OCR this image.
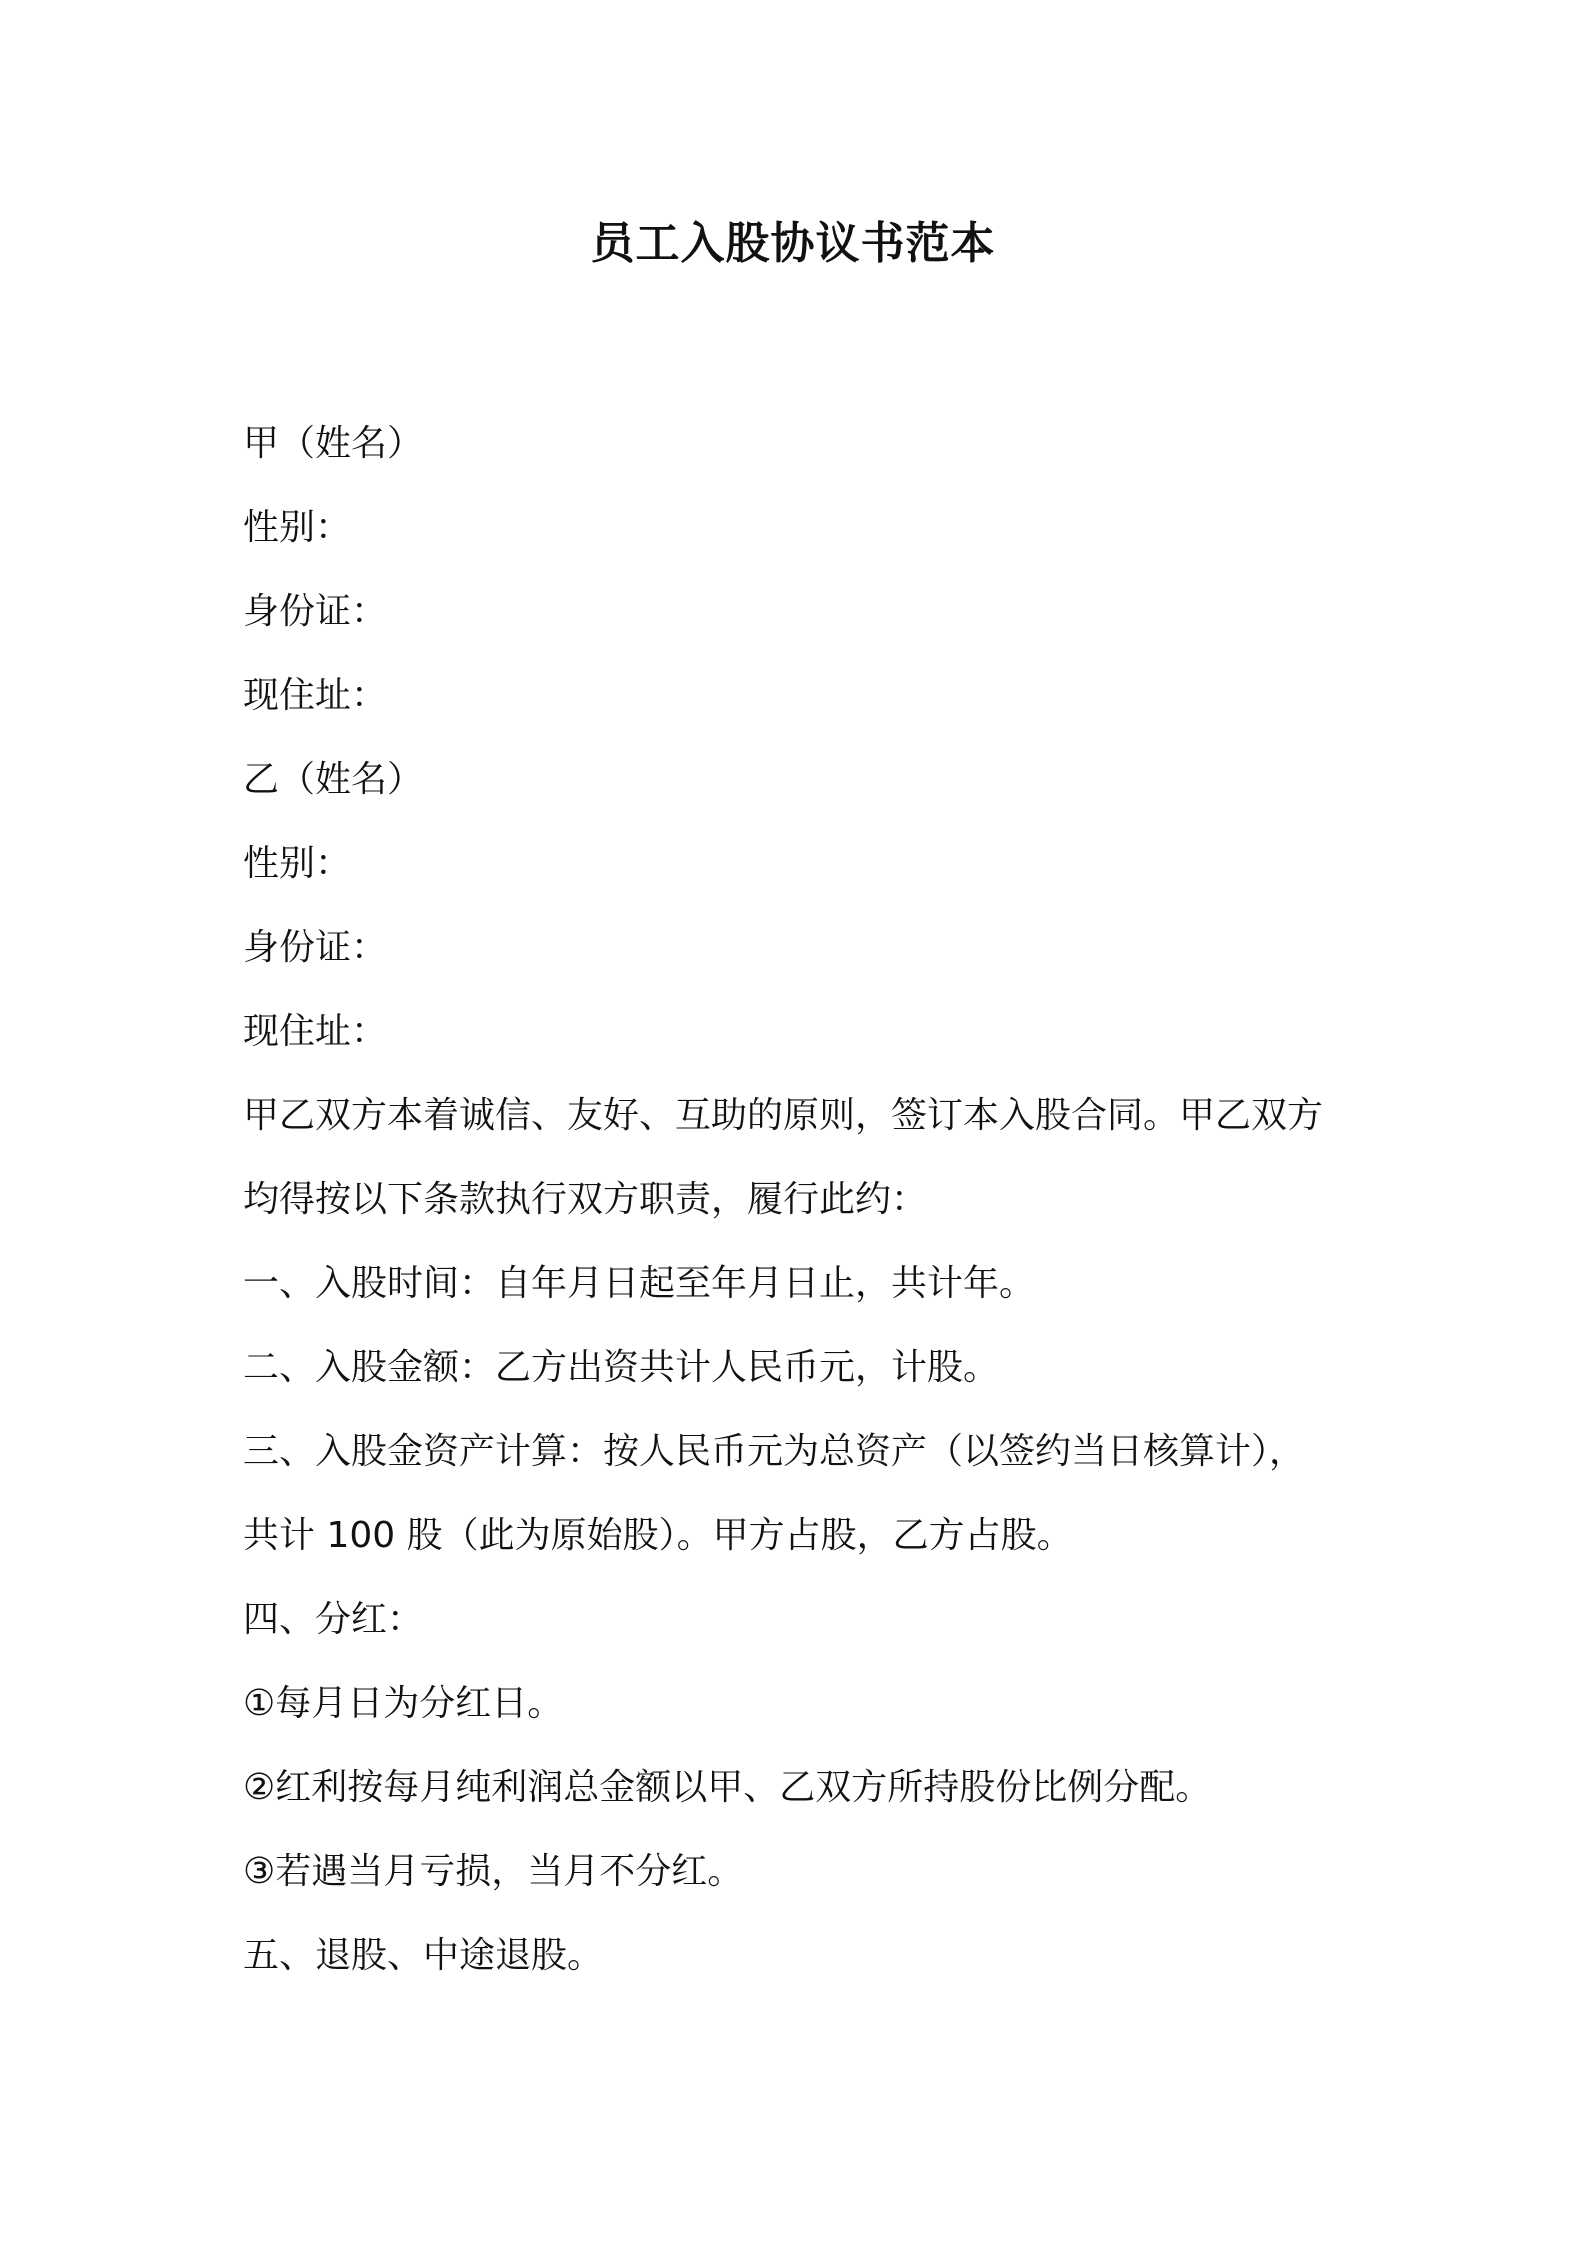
员工入股协议书范本

甲（姓名）

性别：

身份证：

现住址：

乙（姓名）

性别：

身份证：

现住址：

甲乙双方本着诚信、友好、互助的原则，签订本入股合同。甲乙双方

均得按以下条款执行双方职责，履行此约：

一、入股时间：自年月日起至年月日止，共计年。

二、入股金额：乙方出资共计人民币元，计股。

三、入股金资产计算：按人民币元为总资产（以签约当日核算计），

共计 100 股（此为原始股）。甲方占股，乙方占股。

四、分红：

①每月日为分红日。

②红利按每月纯利润总金额以甲、乙双方所持股份比例分配。

③若遇当月亏损，当月不分红。

五、退股、中途退股。
